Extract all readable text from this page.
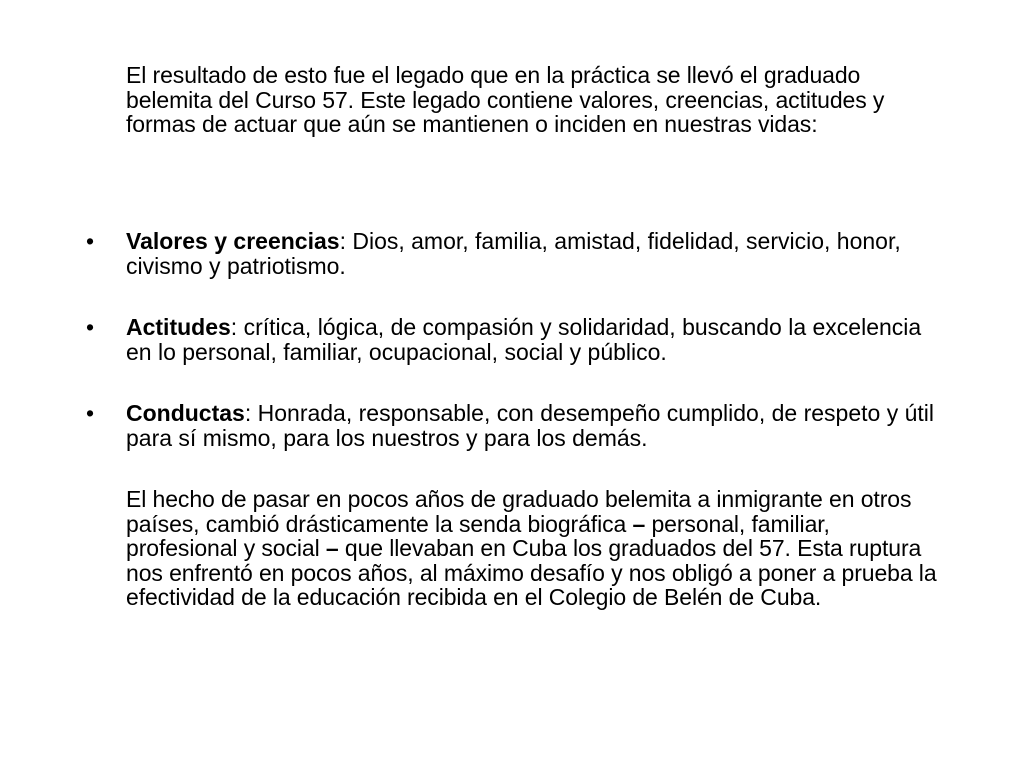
El resultado de esto fue el legado que en la práctica se llevó el graduado belemita del Curso 57. Este legado contiene valores, creencias, actitudes y formas de actuar que aún se mantienen o inciden en nuestras vidas:

•	Valores y creencias: Dios, amor, familia, amistad, fidelidad, servicio, honor, civismo y patriotismo.
•	Actitudes: crítica, lógica, de compasión y solidaridad, buscando la excelencia en lo personal, familiar, ocupacional, social y público.
•	Conductas: Honrada, responsable, con desempeño cumplido, de respeto y útil para sí mismo, para los nuestros y para los demás.

El hecho de pasar en pocos años de graduado belemita a inmigrante en otros países, cambió drásticamente la senda biográfica – personal, familiar, profesional y social – que llevaban en Cuba los graduados del 57. Esta ruptura nos enfrentó en pocos años, al máximo desafío y nos obligó a poner a prueba la efectividad de la educación recibida en el Colegio de Belén de Cuba.
